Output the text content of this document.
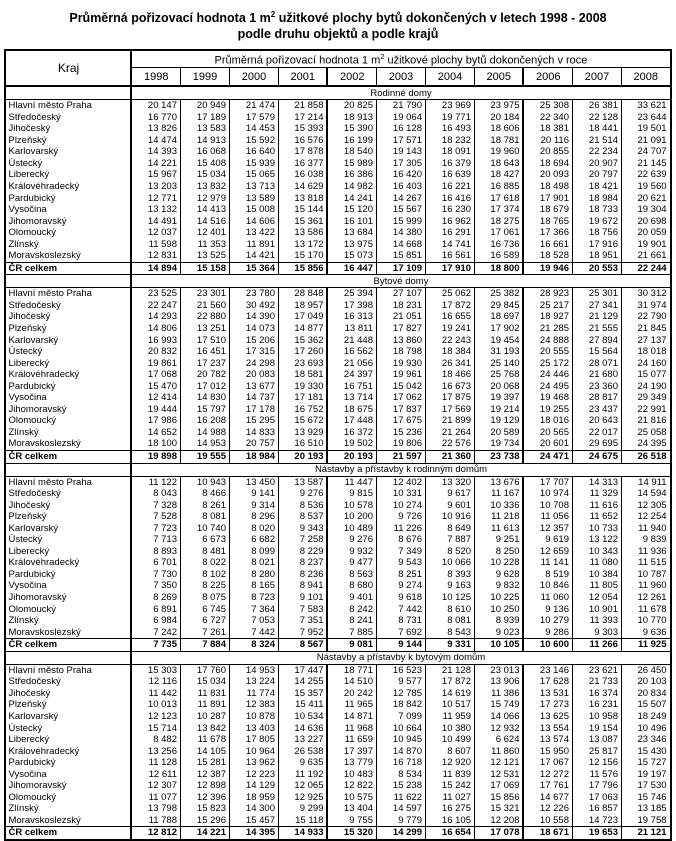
Průměrná pořizovací hodnota 1 $m^2$ užitkové plochy bytů dokončených v letech 1998 - 2008
podle druhu objektů a podle krajů
Kraj	Průměrná pořizovací hodnota 1 $m^2$ užitkové plochy bytů dokončených v roce										
	1998	1999	2000	2001	2002	2003	2004	2005	2006	2007	2008
	Rodinné domy										
Hlavní město Praha	20 147	20 949	21 474	21 858	20 825	21 790	23 969	23 975	25 308	26 381	33 621
Středočeský	16 770	17 189	17 579	17 214	18 913	19 064	19 771	20 184	22 340	22 128	23 644
Jihočeský	13 826	13 583	14 453	15 393	15 390	16 128	16 493	18 606	18 381	18 441	19 501
Plzeňský	14 474	14 913	15 592	16 576	16 199	17 571	18 232	18 781	20 116	21 514	21 091
Karlovarský	14 393	16 068	16 640	17 878	18 540	19 143	18 091	19 960	20 855	22 234	24 707
Ústecký	14 221	15 408	15 939	16 377	15 989	17 305	16 379	18 643	18 694	20 907	21 145
Liberecký	15 967	15 034	15 065	16 038	16 386	16 420	16 639	18 427	20 093	20 797	22 639
Královéhradecký	13 203	13 832	13 713	14 629	14 982	16 403	16 221	16 885	18 498	18 421	19 560
Pardubický	12 771	12 979	13 589	13 818	14 241	14 267	16 416	17 618	17 901	18 984	20 621
Vysočina	13 132	14 413	15 008	15 144	15 120	15 567	16 230	17 374	18 679	18 733	19 304
Jihomoravský	14 491	14 516	14 606	15 361	16 101	15 999	16 962	18 275	18 765	19 672	20 698
Olomoucký	12 037	12 401	13 422	13 586	13 684	14 380	16 291	17 061	17 366	18 756	20 059
Zlínský	11 598	11 353	11 891	13 172	13 975	14 668	14 741	16 736	16 661	17 916	19 901
Moravskoslezský	12 831	13 525	14 421	15 170	15 073	15 851	16 561	16 589	18 528	18 951	21 661
ČR celkem	14 894	15 158	15 364	15 856	16 447	17 109	17 910	18 800	19 946	20 553	22 244
	Bytové domy										
Hlavní město Praha	23 525	23 301	23 780	28 848	25 394	27 107	25 062	25 382	28 923	25 301	30 312
Středočeský	22 247	21 560	30 492	18 957	17 398	18 231	17 872	29 845	25 217	27 341	31 974
Jihočeský	14 293	22 880	14 390	17 049	16 313	21 051	16 655	18 697	18 927	21 129	22 790
Plzeňský	14 806	13 251	14 073	14 877	13 811	17 827	19 241	17 902	21 285	21 555	21 845
Karlovarský	16 993	17 510	15 206	15 362	21 448	13 860	22 243	19 454	24 888	27 894	27 137
Ústecký	20 832	16 451	17 315	17 260	16 562	18 798	18 384	31 193	20 555	15 564	18 018
Liberecký	19 861	17 237	24 298	23 693	21 056	19 930	26 341	25 140	25 172	28 071	24 160
Královéhradecký	17 068	20 782	20 083	18 581	24 397	19 961	18 466	25 768	24 446	21 680	15 077
Pardubický	15 470	17 012	13 677	19 330	16 751	15 042	16 673	20 068	24 495	23 360	24 190
Vysočina	12 414	14 830	14 737	17 181	13 714	17 062	17 875	19 397	19 468	28 817	29 349
Jihomoravský	19 444	15 797	17 178	16 752	18 675	17 837	17 569	19 214	19 255	23 437	22 991
Olomoucký	17 986	16 208	15 295	15 672	17 448	17 675	21 899	19 129	18 016	20 643	21 816
Zlínský	14 652	14 988	14 833	13 929	16 372	15 236	21 264	20 589	20 565	22 017	25 058
Moravskoslezský	18 100	14 953	20 757	16 510	19 502	19 806	22 576	19 734	20 601	29 695	24 395
ČR celkem	19 898	19 555	18 984	20 193	20 193	21 597	21 360	23 738	24 471	24 675	26 518
	Nástavby a přístavby k rodinným domům										
Hlavní město Praha	11 122	10 943	13 450	13 587	11 447	12 402	13 320	13 676	17 707	14 313	14 911
Středočeský	8 043	8 466	9 141	9 276	9 815	10 331	9 617	11 167	10 974	11 329	14 594
Jihočeský	7 328	8 261	9 314	8 536	10 578	10 274	9 601	10 336	10 708	11 616	12 305
Plzeňský	7 528	8 081	8 296	8 537	10 200	9 726	10 916	11 218	11 056	11 652	12 254
Karlovarský	7 723	10 740	8 020	9 343	10 489	11 226	8 649	11 613	12 357	10 733	11 940
Ústecký	7 713	6 673	6 682	7 258	9 276	8 676	7 887	9 251	9 619	13 122	9 839
Liberecký	8 893	8 481	8 099	8 229	9 932	7 349	8 520	8 250	12 659	10 343	11 936
Královéhradecký	6 701	8 022	8 021	8 237	9 477	9 543	10 066	10 228	11 141	11 080	11 515
Pardubický	7 730	8 102	8 280	8 236	8 563	8 251	8 393	9 628	8 519	10 384	10 787
Vysočina	7 350	8 225	8 165	8 941	8 680	9 274	9 163	9 832	10 846	11 805	11 960
Jihomoravský	8 269	8 075	8 723	9 101	9 401	9 618	10 125	10 225	11 060	12 054	12 261
Olomoucký	6 891	6 745	7 364	7 583	8 242	7 442	8 610	10 250	9 136	10 901	11 678
Zlínský	6 984	6 727	7 053	7 351	8 241	8 731	8 081	8 939	10 279	11 393	10 770
Moravskoslezský	7 242	7 261	7 442	7 952	7 885	7 692	8 543	9 023	9 286	9 303	9 636
ČR celkem	7 735	7 884	8 324	8 567	9 081	9 144	9 331	10 105	10 600	11 266	11 925
	Nástavby a přístavby k bytovým domům										
Hlavní město Praha	15 303	17 760	14 953	17 447	18 771	16 523	21 128	23 013	23 146	23 621	26 450
Středočeský	12 116	15 034	13 224	14 255	14 510	9 577	17 872	13 906	17 628	21 733	20 103
Jihočeský	11 442	11 831	11 774	15 357	20 242	12 785	14 619	11 386	13 531	16 374	20 834
Plzeňský	10 013	11 891	12 383	15 411	11 965	18 842	10 517	15 749	17 273	16 231	15 507
Karlovarský	12 123	10 287	10 878	10 534	14 871	7 099	11 959	14 066	13 625	10 958	18 249
Ústecký	15 714	13 842	13 403	14 636	11 968	10 664	10 380	12 932	13 554	19 154	10 496
Liberecký	8 482	11 678	17 805	13 227	11 659	10 945	10 499	6 624	13 574	13 087	23 346
Královéhradecký	13 256	14 105	10 964	26 538	17 397	14 870	8 607	11 860	15 950	25 817	15 430
Pardubický	11 128	15 281	13 962	9 635	13 779	16 718	12 920	12 121	17 067	12 156	15 727
Vysočina	12 611	12 387	12 223	11 192	10 483	8 534	11 839	12 531	12 272	11 576	19 197
Jihomoravský	12 307	12 898	14 129	12 065	12 822	15 238	15 242	17 069	17 761	17 796	17 530
Olomoucký	11 077	12 396	18 959	12 925	10 575	11 622	11 027	15 856	14 677	17 063	15 746
Zlínský	13 798	15 823	14 300	9 299	13 404	14 597	16 275	15 321	12 226	16 857	13 185
Moravskoslezský	11 788	15 296	15 457	15 118	9 755	9 779	16 105	12 208	10 558	14 723	19 758
ČR celkem	12 812	14 221	14 395	14 933	15 320	14 299	16 654	17 078	18 671	19 653	21 121
